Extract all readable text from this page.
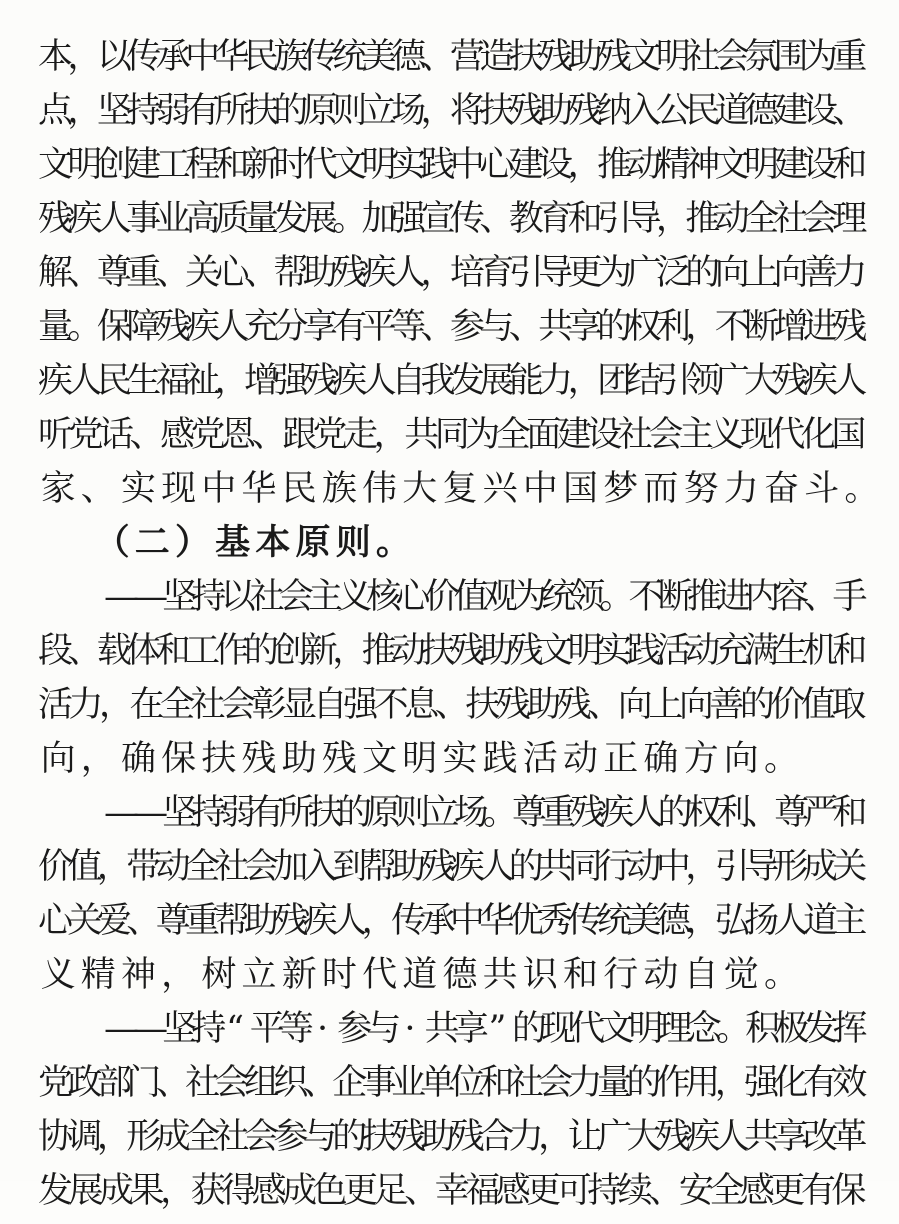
本
，
以
传
承
中
华
民
族
传
统
美
德
、
营
造
扶
残
助
残
文
明
社
会
氛
围
为
重
点
，
坚
持
弱
有
所
扶
的
原
则
立
场
，
将
扶
残
助
残
纳
入
公
民
道
德
建
设
、
文
明
创
建
工
程
和
新
时
代
文
明
实
践
中
心
建
设
，
推
动
精
神
文
明
建
设
和
残
疾
人
事
业
高
质
量
发
展
。
加
强
宣
传
、
教
育
和
引
导
，
推
动
全
社
会
理
解
、
尊
重
、
关
心
、
帮
助
残
疾
人
，
培
育
引
导
更
为
广
泛
的
向
上
向
善
力
量
。
保
障
残
疾
人
充
分
享
有
平
等
、
参
与
、
共
享
的
权
利
，
不
断
增
进
残
疾
人
民
生
福
祉
，
增
强
残
疾
人
自
我
发
展
能
力
，
团
结
引
领
广
大
残
疾
人
听
党
话
、
感
党
恩
、
跟
党
走
，
共
同
为
全
面
建
设
社
会
主
义
现
代
化
国
家 、 实 现 中 华 民 族 伟 大 复 兴 中 国 梦 而 努 力 奋 斗 。
（ 二 ） 基 本 原 则 。
—
—
坚
持
以
社
会
主
义
核
心
价
值
观
为
统
领
。
不
断
推
进
内
容
、
手
段
、
载
体
和
工
作
的
创
新
，
推
动
扶
残
助
残
文
明
实
践
活
动
充
满
生
机
和
活
力
，
在
全
社
会
彰
显
自
强
不
息
、
扶
残
助
残
、
向
上
向
善
的
价
值
取
向 ， 确 保 扶 残 助 残 文 明 实 践 活 动 正 确 方 向 。
—
—
坚
持
弱
有
所
扶
的
原
则
立
场
。
尊
重
残
疾
人
的
权
利
、
尊
严
和
价
值
，
带
动
全
社
会
加
入
到
帮
助
残
疾
人
的
共
同
行
动
中
，
引
导
形
成
关
心
关
爱
、
尊
重
帮
助
残
疾
人
，
传
承
中
华
优
秀
传
统
美
德
，
弘
扬
人
道
主
义 精 神 ， 树 立 新 时 代 道 德 共 识 和 行 动 自 觉 。
—
—
坚
持 “ 平
等 · 参
与 · 共
享 ” 的
现
代
文
明
理
念
。
积
极
发
挥
党
政
部
门
、
社
会
组
织
、
企
事
业
单
位
和
社
会
力
量
的
作
用
，
强
化
有
效
协
调
，
形
成
全
社
会
参
与
的
扶
残
助
残
合
力
，
让
广
大
残
疾
人
共
享
改
革
发
展
成
果
，
获
得
感
成
色
更
足
、
幸
福
感
更
可
持
续
、
安
全
感
更
有
保
